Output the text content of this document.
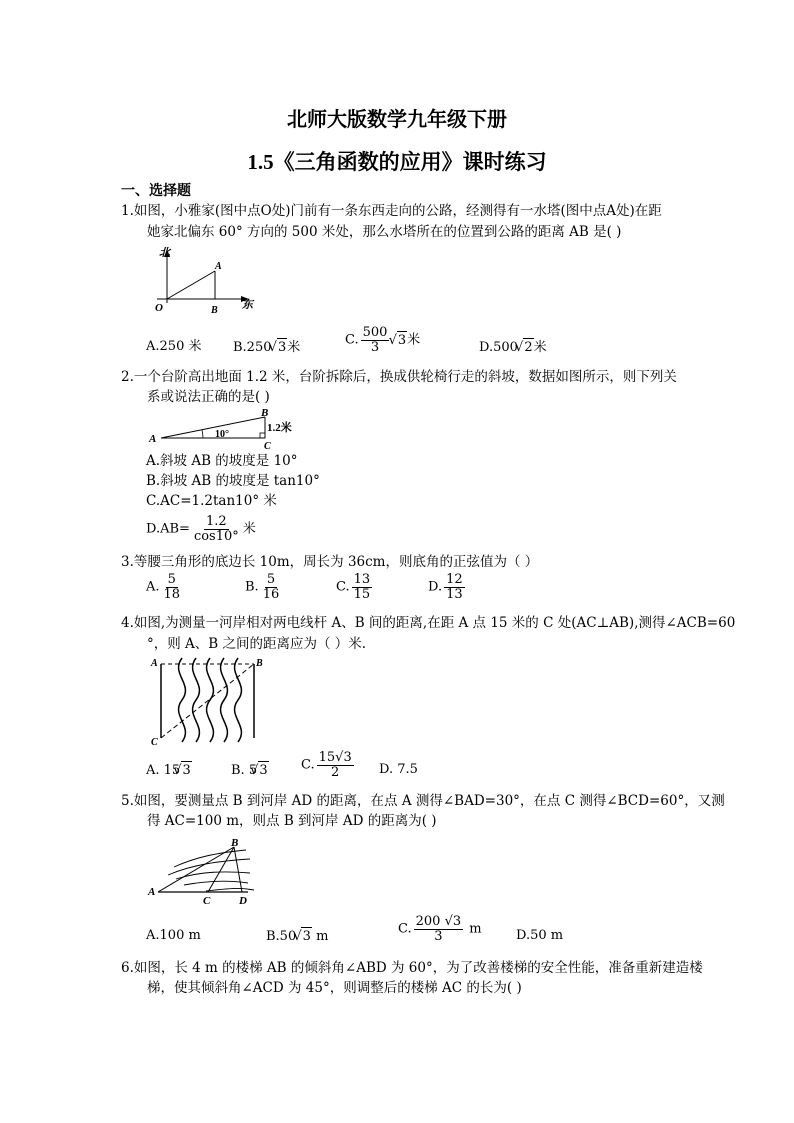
北师大版数学九年级下册
1.5《三角函数的应用》课时练习
一、选择题
1.如图，小雅家(图中点O处)门前有一条东西走向的公路，经测得有一水塔(图中点A处)在距
她家北偏东 60° 方向的 500 米处，那么水塔所在的位置到公路的距离 AB 是( )
北
东
O
A
B
A.250 米 B.250 √ 3米	C. $\frac{500}{3}$ √ 3米	D.500 √ 2米
2.一个台阶高出地面 1.2 米，台阶拆除后，换成供轮椅行走的斜坡，数据如图所示，则下列关
系或说法正确的是( )
A
B
C
10°
1.2米
A.斜坡 AB 的坡度是 10°
B.斜坡 AB 的坡度是 tan10°
C.AC=1.2tan10° 米
$D.AB= \frac{1.2}{\cos 10^\circ}$ 米
3.等腰三角形的底边长 10m，周长为 36cm，则底角的正弦值为（ ）
A. $\frac{5}{18}$	B. $\frac{5}{16}$	C. $\frac{13}{15}$	D. $\frac{12}{13}$
4.如图,为测量一河岸相对两电线杆 A、B 间的距离,在距 A 点 15 米的 C 处(AC⊥AB),测得∠ACB=60
°，则 A、B 之间的距离应为（ ）米.
A	B
C
A. 15 √ 3	B. 5 √ 3	C. $\frac{15√3}{2} D$. 7.5
5.如图，要测量点 B 到河岸 AD 的距离，在点 A 测得∠BAD=30°，在点 C 测得∠BCD=60°，又测
得 AC=100 m，则点 B 到河岸 AD 的距离为( )
A
B
C	D
A.100 m	B.50 √ 3 m	C. $\frac{200 √3}{3}$ m	D.50 m
6.如图，长 4 m 的楼梯 AB 的倾斜角∠ABD 为 60°，为了改善楼梯的安全性能，准备重新建造楼
梯，使其倾斜角∠ACD 为 45°，则调整后的楼梯 AC 的长为( )
